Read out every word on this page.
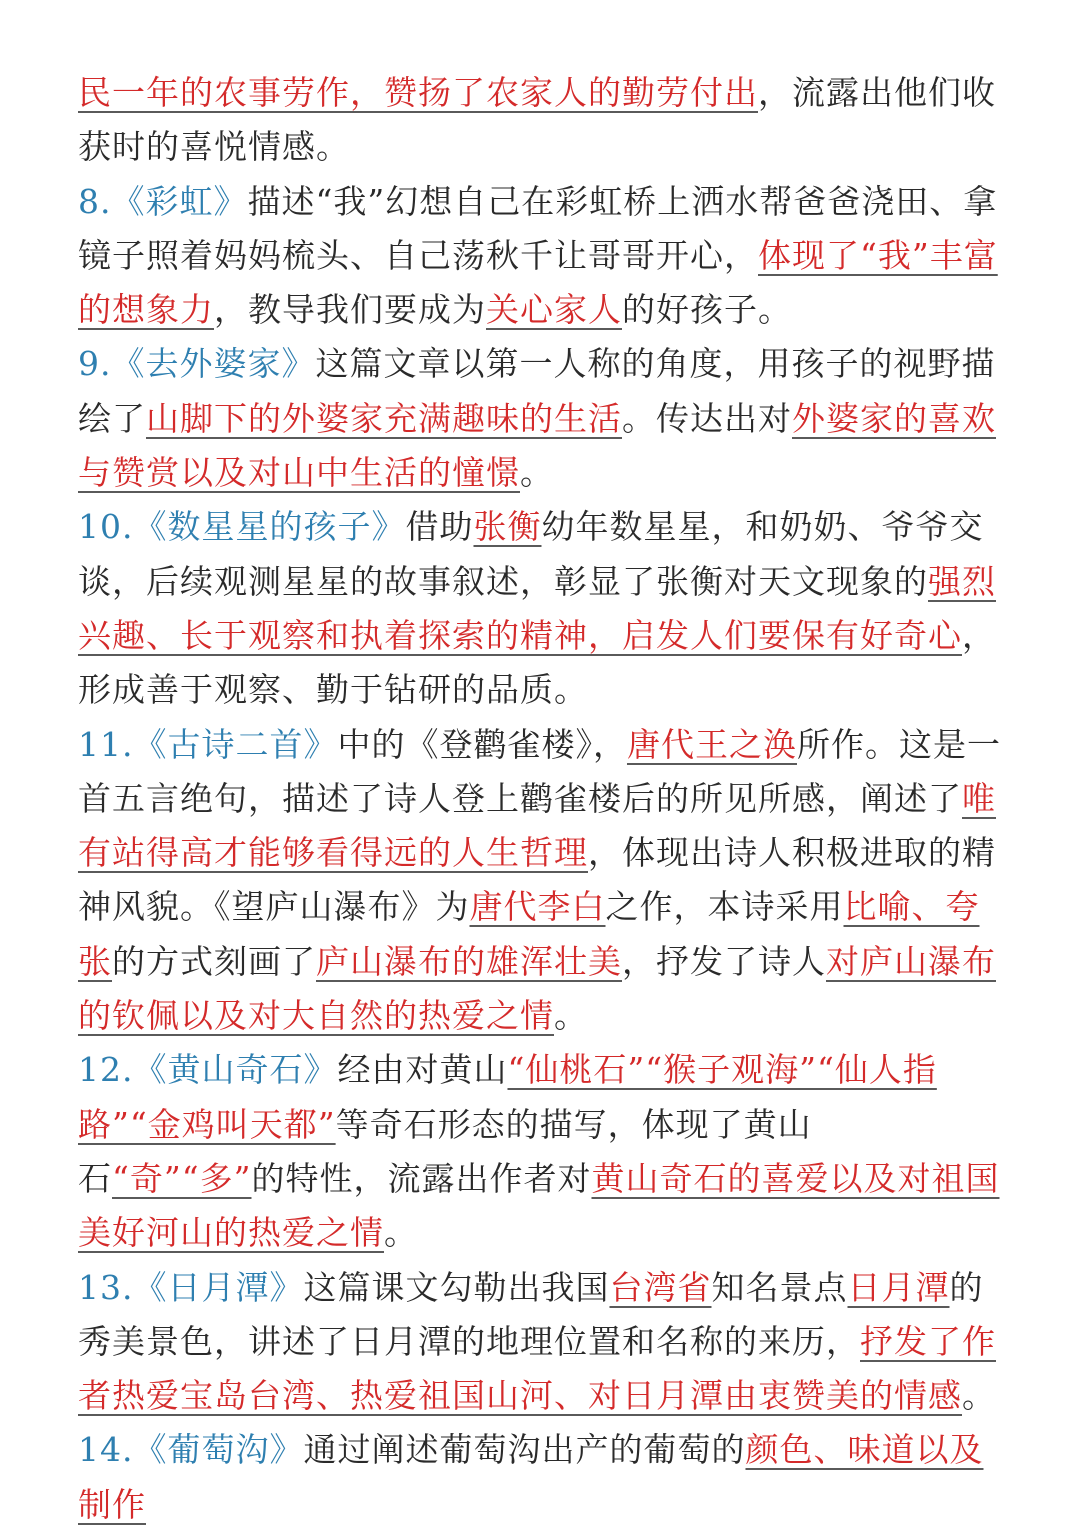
民一年的农事劳作，赞扬了农家人的勤劳付出，流露出他们收获时的喜悦情感。

8.《彩虹》描述“我”幻想自己在彩虹桥上洒水帮爸爸浇田、拿镜子照着妈妈梳头、自己荡秋千让哥哥开心，体现了“我”丰富的想象力，教导我们要成为关心家人的好孩子。

9.《去外婆家》这篇文章以第一人称的角度，用孩子的视野描绘了山脚下的外婆家充满趣味的生活。传达出对外婆家的喜欢与赞赏以及对山中生活的憧憬。

10.《数星星的孩子》借助张衡幼年数星星，和奶奶、爷爷交谈，后续观测星星的故事叙述，彰显了张衡对天文现象的强烈兴趣、长于观察和执着探索的精神，启发人们要保有好奇心，形成善于观察、勤于钻研的品质。

11.《古诗二首》中的《登鹳雀楼》，唐代王之涣所作。这是一首五言绝句，描述了诗人登上鹳雀楼后的所见所感，阐述了唯有站得高才能够看得远的人生哲理，体现出诗人积极进取的精神风貌。《望庐山瀑布》为唐代李白之作，本诗采用比喻、夸张的方式刻画了庐山瀑布的雄浑壮美，抒发了诗人对庐山瀑布的钦佩以及对大自然的热爱之情。

12.《黄山奇石》经由对黄山“仙桃石”“猴子观海”“仙人指路”“金鸡叫天都”等奇石形态的描写，体现了黄山石“奇”“多”的特性，流露出作者对黄山奇石的喜爱以及对祖国美好河山的热爱之情。

13.《日月潭》这篇课文勾勒出我国台湾省知名景点日月潭的秀美景色，讲述了日月潭的地理位置和名称的来历，抒发了作者热爱宝岛台湾、热爱祖国山河、对日月潭由衷赞美的情感。

14.《葡萄沟》通过阐述葡萄沟出产的葡萄的颜色、味道以及制作
